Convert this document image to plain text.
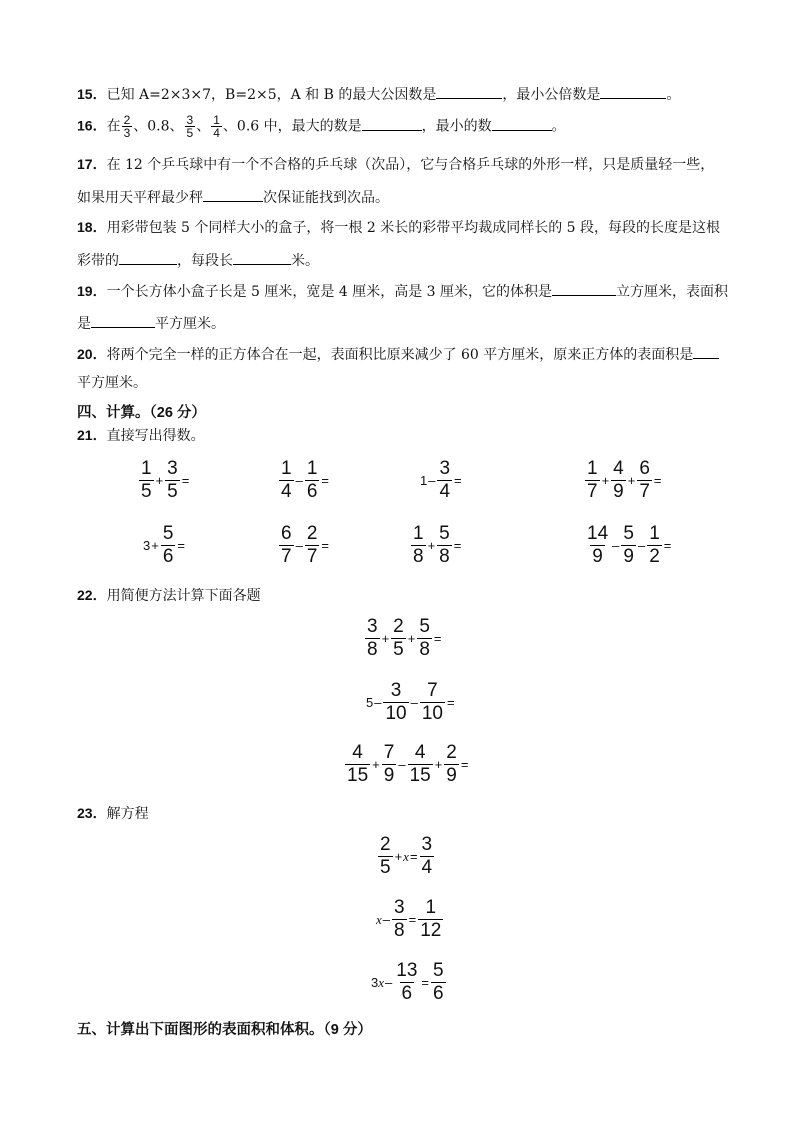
15．已知 A=2×3×7，B=2×5，A 和 B 的最大公因数是	，最小公倍数是	。
16．在 $\frac{2}{3}$ 、0.8、 $\frac{3}{5}$ 、 $\frac{1}{4}$ 、0.6 中，最大的数是	，最小的数	。
17．在 12 个乒乓球中有一个不合格的乒乓球（次品），它与合格乒乓球的外形一样，只是质量轻一些，
如果用天平秤最少秤	次保证能找到次品。
18．用彩带包装 5 个同样大小的盒子，将一根 2 米长的彩带平均裁成同样长的 5 段，每段的长度是这根
彩带的	，每段长	米。
19．一个长方体小盒子长是 5 厘米，宽是 4 厘米，高是 3 厘米，它的体积是	立方厘米，表面积
是	平方厘米。
20．将两个完全一样的正方体合在一起，表面积比原来减少了 60 平方厘米，原来正方体的表面积是
平方厘米。
四、计算。（26 分）
21．直接写出得数。
$\frac{1}{5} + \frac{3}{5}$ =	$\frac{1}{4} - \frac{1}{6}$ =	$1 - \frac{3}{4}$ =	$\frac{1}{7} + \frac{4}{9} + \frac{6}{7}$ =
$3 + \frac{5}{6}$ =	$\frac{6}{7} - \frac{2}{7}$ =	$\frac{1}{8} + \frac{5}{8}$ =	$\frac{14}{9} - \frac{5}{9} - \frac{1}{2}$ =
22．用简便方法计算下面各题
$\frac{3}{8} + \frac{2}{5} + \frac{5}{8}$ =
$5 - \frac{3}{10} - \frac{7}{10}$ =
$\frac{4}{15} + \frac{7}{9} - \frac{4}{15} + \frac{2}{9}$ =
23．解方程
$\frac{2}{5} + x = \frac{3}{4}$
$x - \frac{3}{8} = \frac{1}{12}$
3 $x - \frac{13}{6} = \frac{5}{6}$
五、计算出下面图形的表面积和体积。（9 分）
